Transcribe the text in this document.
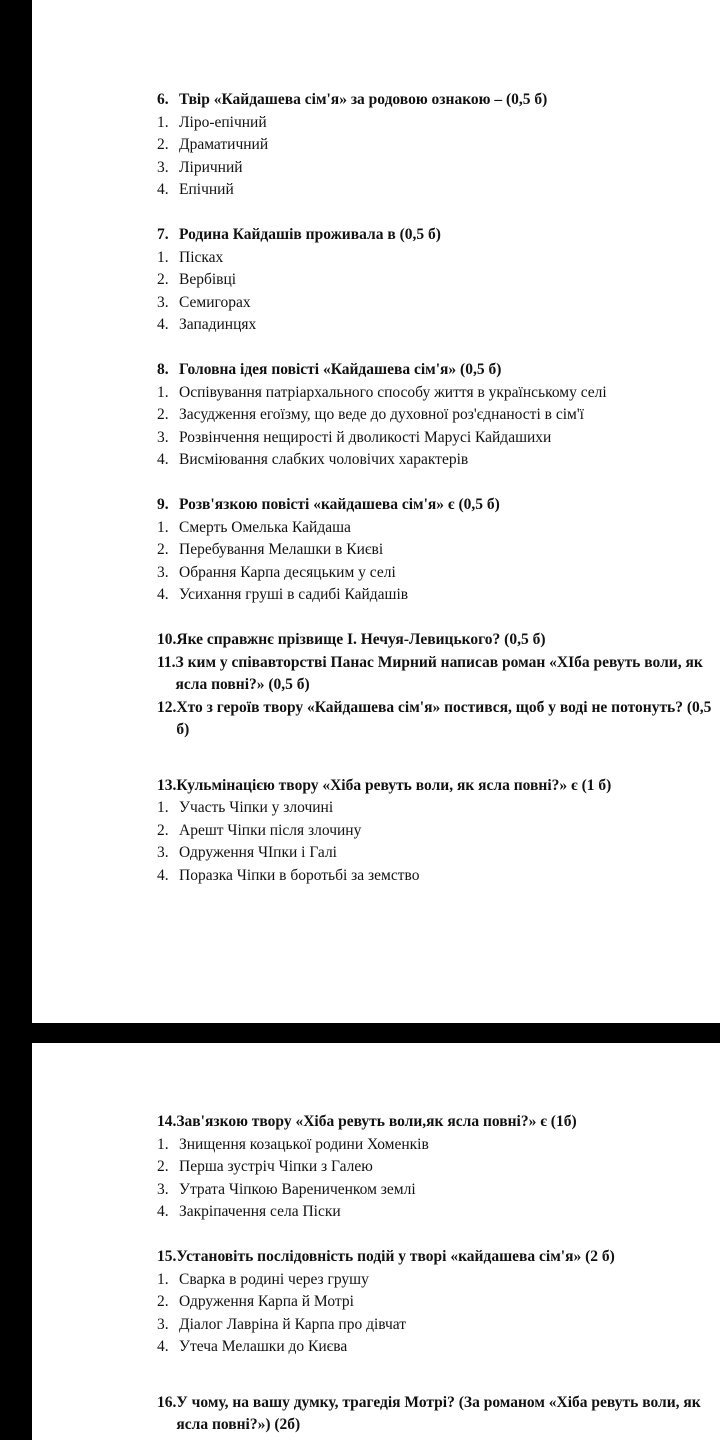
6. Твір «Кайдашева сім'я» за родовою ознакою – (0,5 б)
1. Ліро-епічний
2. Драматичний
3. Ліричний
4. Епічний
7. Родина Кайдашів проживала в (0,5 б)
1. Пісках
2. Вербівці
3. Семигорах
4. Западинцях
8. Головна ідея повісті «Кайдашева сім'я» (0,5 б)
1. Оспівування патріархального способу життя в українському селі
2. Засудження егоїзму, що веде до духовної роз'єднаності в сім'ї
3. Розвінчення нещирості й дволикості Марусі Кайдашихи
4. Висміювання слабких чоловічих характерів
9. Розв'язкою повісті «кайдашева сім'я» є (0,5 б)
1. Смерть Омелька Кайдаша
2. Перебування Мелашки в Києві
3. Обрання Карпа десяцьким у селі
4. Усихання груші в садибі Кайдашів
10. Яке справжнє прізвище І. Нечуя-Левицького? (0,5 б)
11. З ким у співавторстві Панас Мирний написав роман «ХІба ревуть воли, як ясла повні?» (0,5 б)
12. Хто з героїв твору «Кайдашева сім'я» постився, щоб у воді не потонуть? (0,5 б)
13. Кульмінацією твору «Хіба ревуть воли, як ясла повні?» є (1 б)
1. Участь Чіпки у злочині
2. Арешт Чіпки після злочину
3. Одруження ЧІпки і Галі
4. Поразка Чіпки в боротьбі за земство
14. Зав'язкою твору «Хіба ревуть воли,як ясла повні?» є (1б)
1. Знищення козацької родини Хоменків
2. Перша зустріч Чіпки з Галею
3. Утрата Чіпкою Варениченком землі
4. Закріпачення села Піски
15. Установіть послідовність подій у творі «кайдашева сім'я» (2 б)
1. Сварка в родині через грушу
2. Одруження Карпа й Мотрі
3. Діалог Лавріна й Карпа про дівчат
4. Утеча Мелашки до Києва
16. У чому, на вашу думку, трагедія Мотрі? (За романом «Хіба ревуть воли, як ясла повні?») (2б)
